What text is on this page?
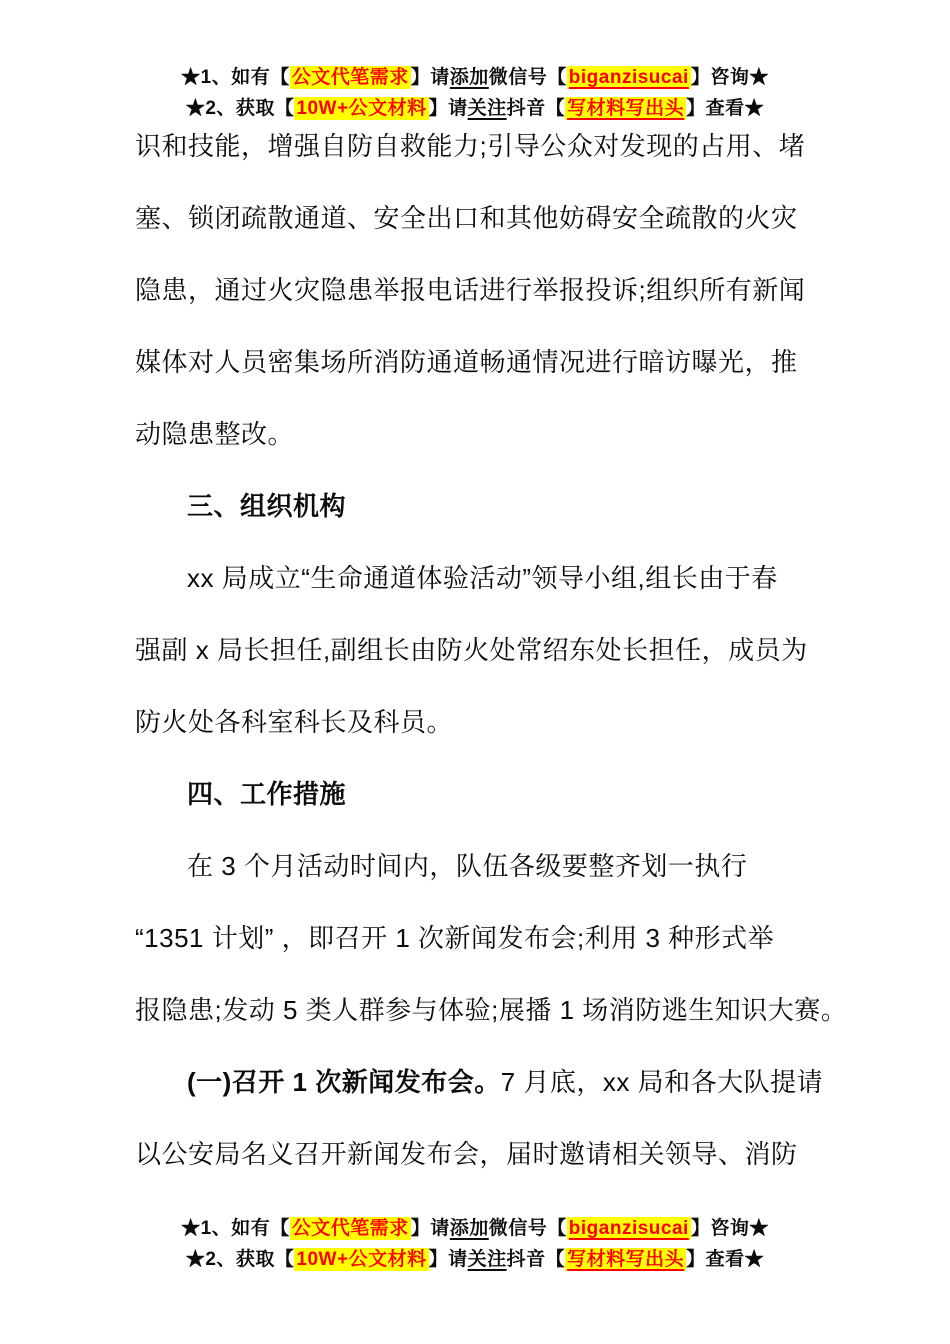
★1、如有【 公文代笔需求 】请添加微信号【 biganzisucai 】咨询★
★2、获取【 10W+公文材料 】请关注抖音【 写材料写出头 】查看★
识和技能，增强自防自救能力;引导公众对发现的占用、堵
塞、锁闭疏散通道、安全出口和其他妨碍安全疏散的火灾
隐患，通过火灾隐患举报电话进行举报投诉;组织所有新闻
媒体对人员密集场所消防通道畅通情况进行暗访曝光，推
动隐患整改。
三、组织机构
xx 局成立“生命通道体验活动”领导小组,组长由于春
强副 x 局长担任,副组长由防火处常绍东处长担任，成员为
防火处各科室科长及科员。
四、工作措施
在 3 个月活动时间内，队伍各级要整齐划一执行
“1351 计划” ，即召开 1 次新闻发布会;利用 3 种形式举
报隐患;发动 5 类人群参与体验;展播 1 场消防逃生知识大赛。
(一)召开 1 次新闻发布会。7 月底，xx 局和各大队提请
以公安局名义召开新闻发布会，届时邀请相关领导、消防
★1、如有【 公文代笔需求 】请添加微信号【 biganzisucai 】咨询★
★2、获取【 10W+公文材料 】请关注抖音【 写材料写出头 】查看★
